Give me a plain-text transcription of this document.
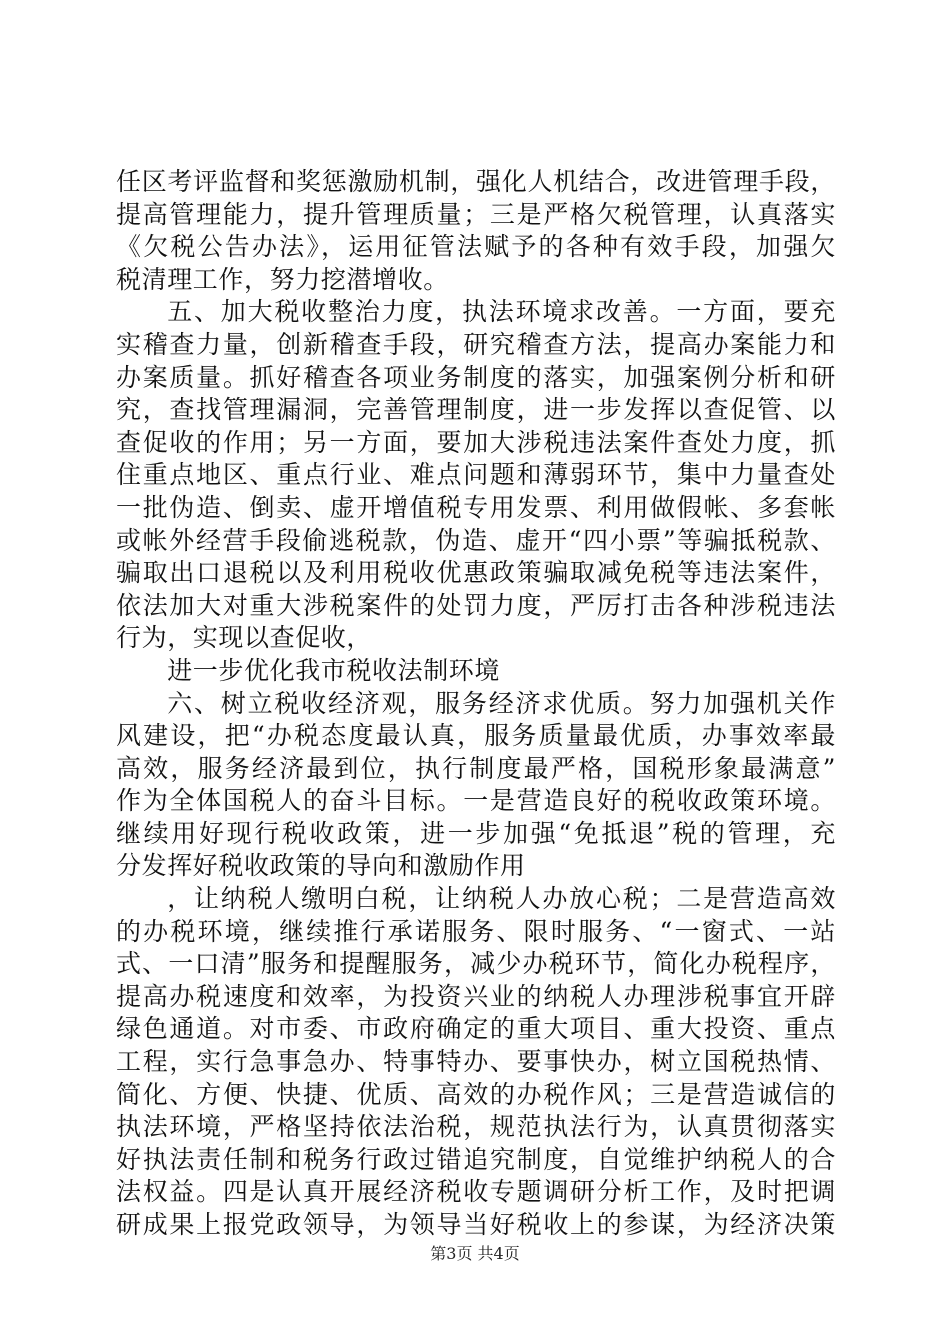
任区考评监督和奖惩激励机制，强化人机结合，改进管理手段，
提高管理能力，提升管理质量；三是严格欠税管理，认真落实
《欠税公告办法》，运用征管法赋予的各种有效手段，加强欠
税清理工作，努力挖潜增收。
五、加大税收整治力度，执法环境求改善。一方面，要充
实稽查力量，创新稽查手段，研究稽查方法，提高办案能力和
办案质量。抓好稽查各项业务制度的落实，加强案例分析和研
究，查找管理漏洞，完善管理制度，进一步发挥以查促管、以
查促收的作用；另一方面，要加大涉税违法案件查处力度，抓
住重点地区、重点行业、难点问题和薄弱环节，集中力量查处
一批伪造、倒卖、虚开增值税专用发票、利用做假帐、多套帐
或帐外经营手段偷逃税款，伪造、虚开“四小票”等骗抵税款、
骗取出口退税以及利用税收优惠政策骗取减免税等违法案件，
依法加大对重大涉税案件的处罚力度，严厉打击各种涉税违法
行为，实现以查促收，
进一步优化我市税收法制环境
六、树立税收经济观，服务经济求优质。努力加强机关作
风建设，把“办税态度最认真，服务质量最优质，办事效率最
高效，服务经济最到位，执行制度最严格，国税形象最满意”
作为全体国税人的奋斗目标。一是营造良好的税收政策环境。
继续用好现行税收政策，进一步加强“免抵退”税的管理，充
分发挥好税收政策的导向和激励作用
，让纳税人缴明白税，让纳税人办放心税；二是营造高效
的办税环境，继续推行承诺服务、限时服务、“一窗式、一站
式、一口清”服务和提醒服务，减少办税环节，简化办税程序，
提高办税速度和效率，为投资兴业的纳税人办理涉税事宜开辟
绿色通道。对市委、市政府确定的重大项目、重大投资、重点
工程，实行急事急办、特事特办、要事快办，树立国税热情、
简化、方便、快捷、优质、高效的办税作风；三是营造诚信的
执法环境，严格坚持依法治税，规范执法行为，认真贯彻落实
好执法责任制和税务行政过错追究制度，自觉维护纳税人的合
法权益。四是认真开展经济税收专题调研分析工作，及时把调
研成果上报党政领导，为领导当好税收上的参谋，为经济决策
第3页 共4页
